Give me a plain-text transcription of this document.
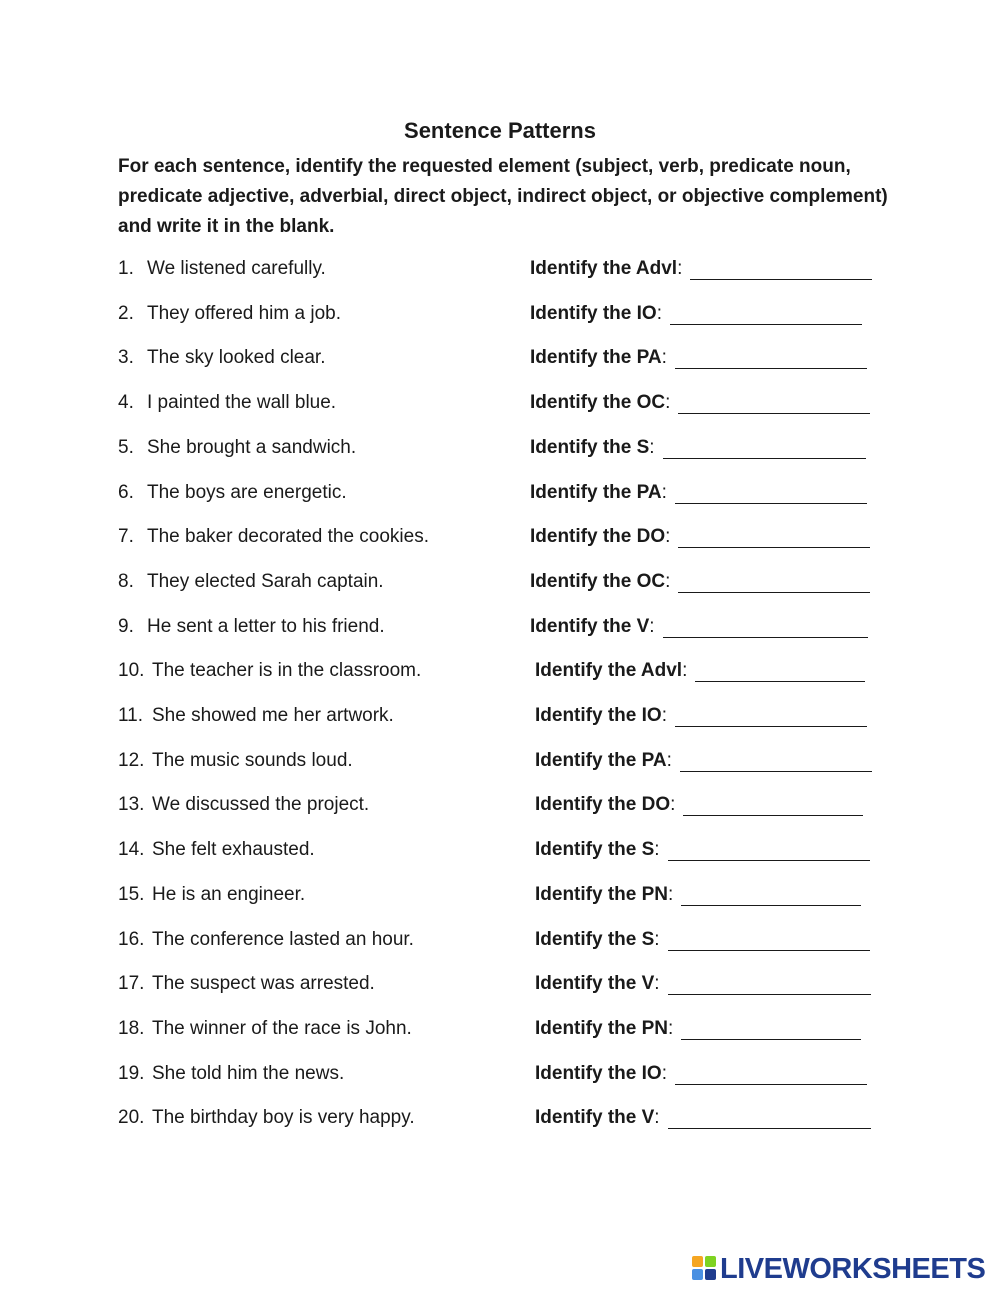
Sentence Patterns
For each sentence, identify the requested element (subject, verb, predicate noun, predicate adjective, adverbial, direct object, indirect object, or objective complement) and write it in the blank.
1. We listened carefully.	Identify the Advl:
2. They offered him a job.	Identify the IO:
3. The sky looked clear.	Identify the PA:
4. I painted the wall blue.	Identify the OC:
5. She brought a sandwich.	Identify the S:
6. The boys are energetic.	Identify the PA:
7. The baker decorated the cookies.	Identify the DO:
8. They elected Sarah captain.	Identify the OC:
9. He sent a letter to his friend.	Identify the V:
10. The teacher is in the classroom.	Identify the Advl:
11. She showed me her artwork.	Identify the IO:
12. The music sounds loud.	Identify the PA:
13. We discussed the project.	Identify the DO:
14. She felt exhausted.	Identify the S:
15. He is an engineer.	Identify the PN:
16. The conference lasted an hour.	Identify the S:
17. The suspect was arrested.	Identify the V:
18. The winner of the race is John.	Identify the PN:
19. She told him the news.	Identify the IO:
20. The birthday boy is very happy.	Identify the V:
LIVEWORKSHEETS
